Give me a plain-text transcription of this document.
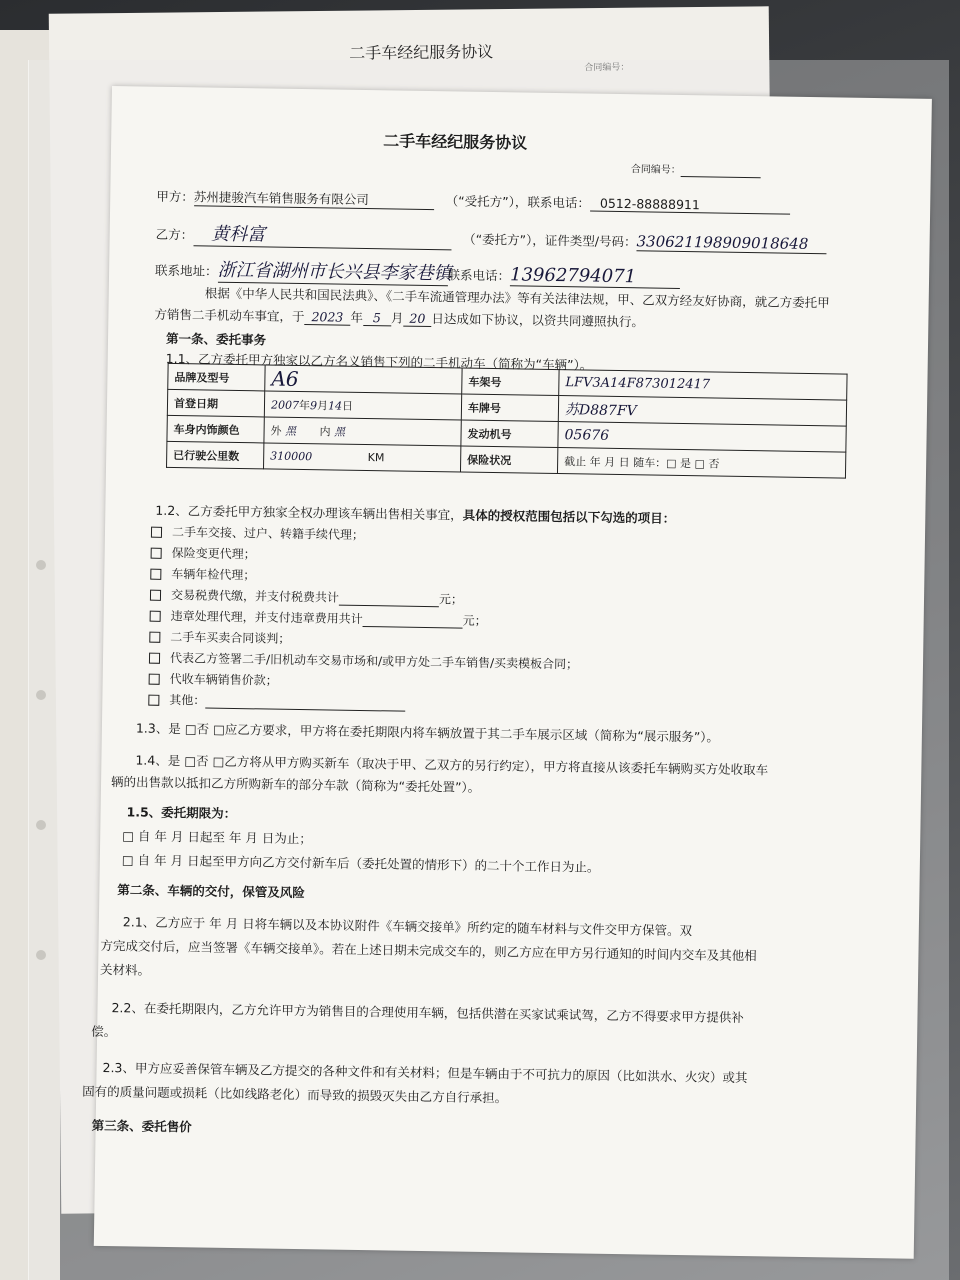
二手车经纪服务协议
合同编号：
二手车经纪服务协议
合同编号：
甲方：苏州捷骏汽车销售服务有限公司	（“受托方”），联系电话： 0512-88888911
乙方： 黄科富	（“委托方”），证件类型/号码：330621198909018648
联系地址：浙江省湖州市长兴县李家巷镇联系电话：13962794071
根据《中华人民共和国民法典》、《二手车流通管理办法》等有关法律法规，甲、乙双方经友好协商，就乙方委托甲
方销售二手机动车事宜，于 2023 年 5 月 20 日达成如下协议，以资共同遵照执行。
第一条、委托事务
1.1、乙方委托甲方独家以乙方名义销售下列的二手机动车（简称为“车辆”）。
品牌及型号	A6	车架号	LFV3A14F873012417
首登日期	2007年9月14日	车牌号	苏D887FV
车身内饰颜色	外 黑 内 黑	发动机号	05676
已行驶公里数	310000 KM	保险状况	截止 年 月 日 随车：□ 是 □ 否
1.2、乙方委托甲方独家全权办理该车辆出售相关事宜，具体的授权范围包括以下勾选的项目：
二手车交接、过户、转籍手续代理；
保险变更代理；
车辆年检代理；
交易税费代缴，并支付税费共计	元；
违章处理代理，并支付违章费用共计	元；
二手车买卖合同谈判；
代表乙方签署二手/旧机动车交易市场和/或甲方处二手车销售/买卖模板合同；
代收车辆销售价款；
其他：
1.3、是 □否 □应乙方要求，甲方将在委托期限内将车辆放置于其二手车展示区域（简称为“展示服务”）。
1.4、是 □否 □乙方将从甲方购买新车（取决于甲、乙双方的另行约定），甲方将直接从该委托车辆购买方处收取车
辆的出售款以抵扣乙方所购新车的部分车款（简称为“委托处置”）。
1.5、委托期限为：
□ 自 年 月 日起至 年 月 日为止；
□ 自 年 月 日起至甲方向乙方交付新车后（委托处置的情形下）的二十个工作日为止。
第二条、车辆的交付，保管及风险
2.1、乙方应于 年 月 日将车辆以及本协议附件《车辆交接单》所约定的随车材料与文件交甲方保管。双
方完成交付后，应当签署《车辆交接单》。若在上述日期未完成交车的，则乙方应在甲方另行通知的时间内交车及其他相
关材料。
2.2、在委托期限内，乙方允许甲方为销售目的合理使用车辆，包括供潜在买家试乘试驾，乙方不得要求甲方提供补
偿。
2.3、甲方应妥善保管车辆及乙方提交的各种文件和有关材料；但是车辆由于不可抗力的原因（比如洪水、火灾）或其
固有的质量问题或损耗（比如线路老化）而导致的损毁灭失由乙方自行承担。
第三条、委托售价
